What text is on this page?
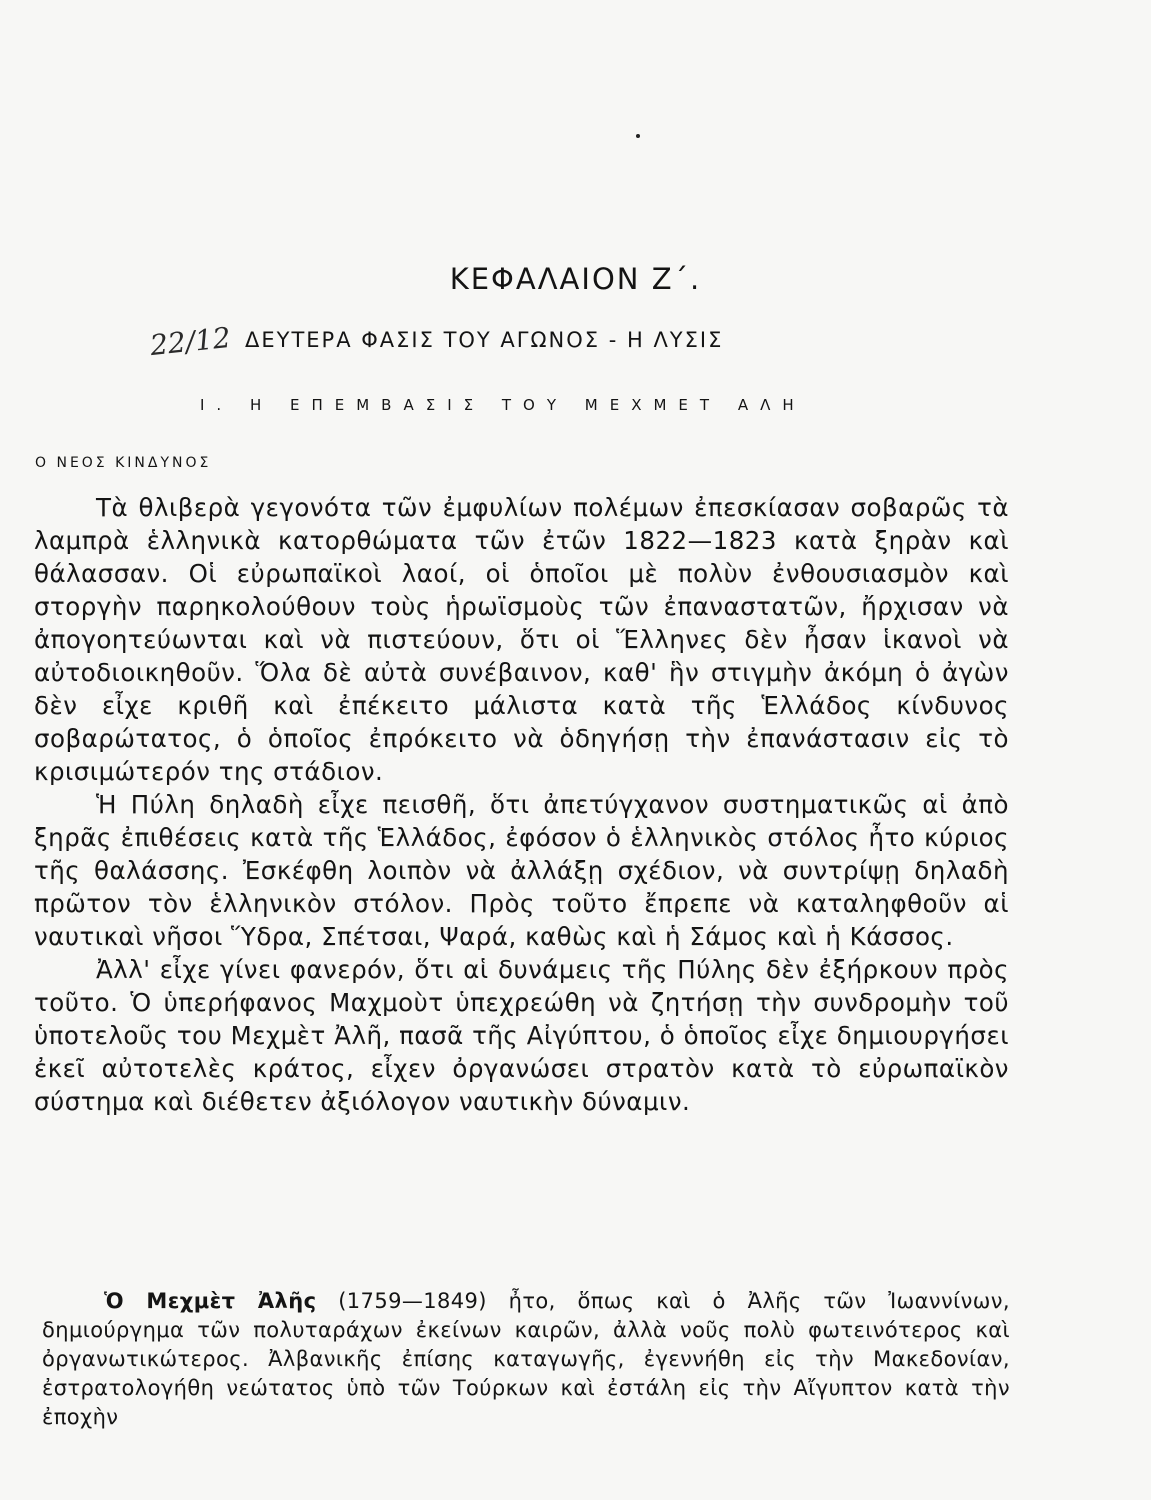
ΚΕΦΑΛΑΙΟΝ Ζ΄.
22/12 ΔΕΥΤΕΡΑ ΦΑΣΙΣ ΤΟΥ ΑΓΩΝΟΣ - Η ΛΥΣΙΣ
Ι. Η ΕΠΕΜΒΑΣΙΣ ΤΟΥ ΜΕΧΜΕΤ ΑΛΗ
Ο ΝΕΟΣ ΚΙΝΔΥΝΟΣ

Τὰ θλιβερὰ γεγονότα τῶν ἐμφυλίων πολέμων ἐπεσκίασαν σοβαρῶς τὰ λαμπρὰ ἑλληνικὰ κατορθώματα τῶν ἐτῶν 1822—1823 κατὰ ξηρὰν καὶ θάλασσαν. Οἱ εὐρωπαϊκοὶ λαοί, οἱ ὁποῖοι μὲ πολὺν ἐνθουσιασμὸν καὶ στοργὴν παρηκολούθουν τοὺς ἡρωϊσμοὺς τῶν ἐπαναστατῶν, ἤρχισαν νὰ ἀπογοητεύωνται καὶ νὰ πιστεύουν, ὅτι οἱ Ἕλληνες δὲν ἦσαν ἱκανοὶ νὰ αὐτοδιοικηθοῦν. Ὅλα δὲ αὐτὰ συνέβαινον, καθ' ἣν στιγμὴν ἀκόμη ὁ ἀγὼν δὲν εἶχε κριθῆ καὶ ἐπέκειτο μάλιστα κατὰ τῆς Ἑλλάδος κίνδυνος σοβαρώτατος, ὁ ὁποῖος ἐπρόκειτο νὰ ὁδηγήσῃ τὴν ἐπανάστασιν εἰς τὸ κρισιμώτερόν της στάδιον.

Ἡ Πύλη δηλαδὴ εἶχε πεισθῆ, ὅτι ἀπετύγχανον συστηματικῶς αἱ ἀπὸ ξηρᾶς ἐπιθέσεις κατὰ τῆς Ἑλλάδος, ἐφόσον ὁ ἑλληνικὸς στόλος ἦτο κύριος τῆς θαλάσσης. Ἐσκέφθη λοιπὸν νὰ ἀλλάξῃ σχέδιον, νὰ συντρίψῃ δηλαδὴ πρῶτον τὸν ἑλληνικὸν στόλον. Πρὸς τοῦτο ἔπρεπε νὰ καταληφθοῦν αἱ ναυτικαὶ νῆσοι Ὕδρα, Σπέτσαι, Ψαρά, καθὼς καὶ ἡ Σάμος καὶ ἡ Κάσσος.

Ἀλλ' εἶχε γίνει φανερόν, ὅτι αἱ δυνάμεις τῆς Πύλης δὲν ἐξήρκουν πρὸς τοῦτο. Ὁ ὑπερήφανος Μαχμοὺτ ὑπεχρεώθη νὰ ζητήσῃ τὴν συνδρομὴν τοῦ ὑποτελοῦς του Μεχμὲτ Ἀλῆ, πασᾶ τῆς Αἰγύπτου, ὁ ὁποῖος εἶχε δημιουργήσει ἐκεῖ αὐτοτελὲς κράτος, εἶχεν ὀργανώσει στρατὸν κατὰ τὸ εὐρωπαϊκὸν σύστημα καὶ διέθετεν ἀξιόλογον ναυτικὴν δύναμιν.

Ὁ Μεχμὲτ Ἀλῆς (1759—1849) ἦτο, ὅπως καὶ ὁ Ἀλῆς τῶν Ἰωαννίνων, δημιούργημα τῶν πολυταράχων ἐκείνων καιρῶν, ἀλλὰ νοῦς πολὺ φωτεινότερος καὶ ὀργανωτικώτερος. Ἀλβανικῆς ἐπίσης καταγωγῆς, ἐγεννήθη εἰς τὴν Μακεδονίαν, ἐστρατολογήθη νεώτατος ὑπὸ τῶν Τούρκων καὶ ἐστάλη εἰς τὴν Αἴγυπτον κατὰ τὴν ἐποχὴν
